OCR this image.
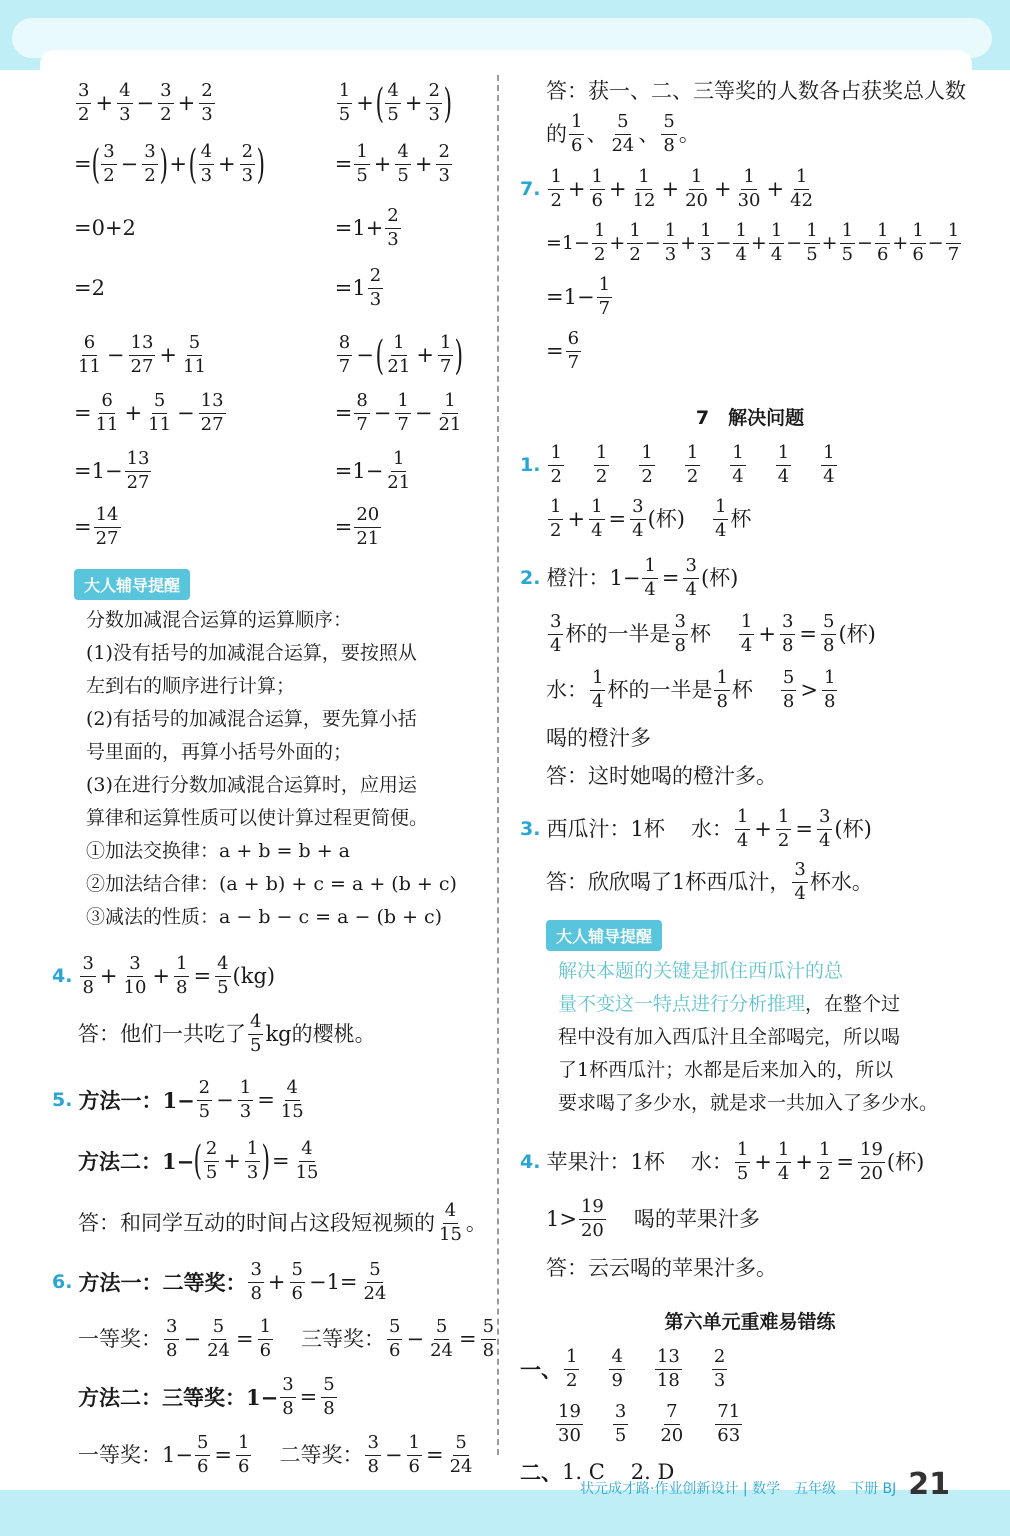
$\frac{3}{2} + \frac{4}{3} - \frac{3}{2} + \frac{2}{3}$
= ( $\frac{3}{2} - \frac{3}{2}$ ) + ( $\frac{4}{3} + \frac{2}{3}$ )
=0+2
=2
$\frac{1}{5}$ + ( $\frac{4}{5} + \frac{2}{3}$ )
= $\frac{1}{5} + \frac{4}{5} + \frac{2}{3}$
$=1+ \frac{2}{3}$
$=1 \frac{2}{3}$
$\frac{6}{11} - \frac{13}{27} + \frac{5}{11}$
= $\frac{6}{11} + \frac{5}{11} - \frac{13}{27}$
$=1- \frac{13}{27}$
= $\frac{14}{27}$
$\frac{8}{7}$ − ( $\frac{1}{21} + \frac{1}{7}$ )
= $\frac{8}{7} - \frac{1}{7} - \frac{1}{21}$
$=1- \frac{1}{21}$
= $\frac{20}{21}$
大人辅导提醒
分数加减混合运算的运算顺序：
(1)没有括号的加减混合运算，要按照从
左到右的顺序进行计算；
(2)有括号的加减混合运算，要先算小括
号里面的，再算小括号外面的；
(3)在进行分数加减混合运算时，应用运
算律和运算性质可以使计算过程更简便。
①加法交换律：a + b = b + a
②加法结合律：(a + b) + c = a + (b + c)
③减法的性质：a − b − c = a − (b + c)
4. $\frac{3}{8} + \frac{3}{10} + \frac{1}{8} = \frac{4}{5} (kg)$
答：他们一共吃了 $\frac{4}{5}$ kg的樱桃。
5. 方法一：$1- \frac{2}{5} - \frac{1}{3} = \frac{4}{15}$
方法二：1− ( $\frac{2}{5} + \frac{1}{3}$ ) = $\frac{4}{15}$
答：和同学互动的时间占这段短视频的 $\frac{4}{15}$ 。
6. 方法一：二等奖： $\frac{3}{8} + \frac{5}{6} -1= \frac{5}{24}$
一等奖： $\frac{3}{8} - \frac{5}{24} = \frac{1}{6}$ 三等奖： $\frac{5}{6} - \frac{5}{24} = \frac{5}{8}$
方法二：三等奖：$1- \frac{3}{8} = \frac{5}{8}$
一等奖：$1- \frac{5}{6} = \frac{1}{6}$ 二等奖： $\frac{3}{8} - \frac{1}{6} = \frac{5}{24}$
答：获一、二、三等奖的人数各占获奖总人数
的 $\frac{1}{6}$ 、 $\frac{5}{24}$ 、 $\frac{5}{8}$ 。
7. $\frac{1}{2} + \frac{1}{6} + \frac{1}{12} + \frac{1}{20} + \frac{1}{30} + \frac{1}{42}$
$=1- \frac{1}{2} + \frac{1}{2} - \frac{1}{3} + \frac{1}{3} - \frac{1}{4} + \frac{1}{4} - \frac{1}{5} + \frac{1}{5} - \frac{1}{6} + \frac{1}{6} - \frac{1}{7}$
$=1- \frac{1}{7}$
= $\frac{6}{7}$
7　解决问题
1. $\frac{1}{2} \frac{1}{2} \frac{1}{2} \frac{1}{2} \frac{1}{4} \frac{1}{4} \frac{1}{4}$
$\frac{1}{2} + \frac{1}{4} = \frac{3}{4}$ (杯) $\frac{1}{4}$ 杯
2. 橙汁：$1- \frac{1}{4} = \frac{3}{4}$ (杯)
$\frac{3}{4}$ 杯的一半是 $\frac{3}{8}$ 杯 $\frac{1}{4} + \frac{3}{8} = \frac{5}{8}$ (杯)
水： $\frac{1}{4}$ 杯的一半是 $\frac{1}{8}$ 杯 $\frac{5}{8} > \frac{1}{8}$
喝的橙汁多
答：这时她喝的橙汁多。
3. 西瓜汁：1杯 水： $\frac{1}{4} + \frac{1}{2} = \frac{3}{4}$ (杯)
答：欣欣喝了1杯西瓜汁， $\frac{3}{4}$ 杯水。
大人辅导提醒
解决本题的关键是抓住西瓜汁的总
量不变这一特点进行分析推理 ，在整个过
程中没有加入西瓜汁且全部喝完，所以喝
了1杯西瓜汁；水都是后来加入的，所以
要求喝了多少水，就是求一共加入了多少水。
4. 苹果汁：1杯 水： $\frac{1}{5} + \frac{1}{4} + \frac{1}{2} = \frac{19}{20}$ (杯)
$1> \frac{19}{20}$ 喝的苹果汁多
答：云云喝的苹果汁多。
第六单元重难易错练
一、 $\frac{1}{2} \frac{4}{9} \frac{13}{18} \frac{2}{3}$
$\frac{19}{30} \frac{3}{5} \frac{7}{20} \frac{71}{63}$
二、 1. C 2. D
状元成才路·作业创新设计 | 数学　五年级　下册 BJ 21
